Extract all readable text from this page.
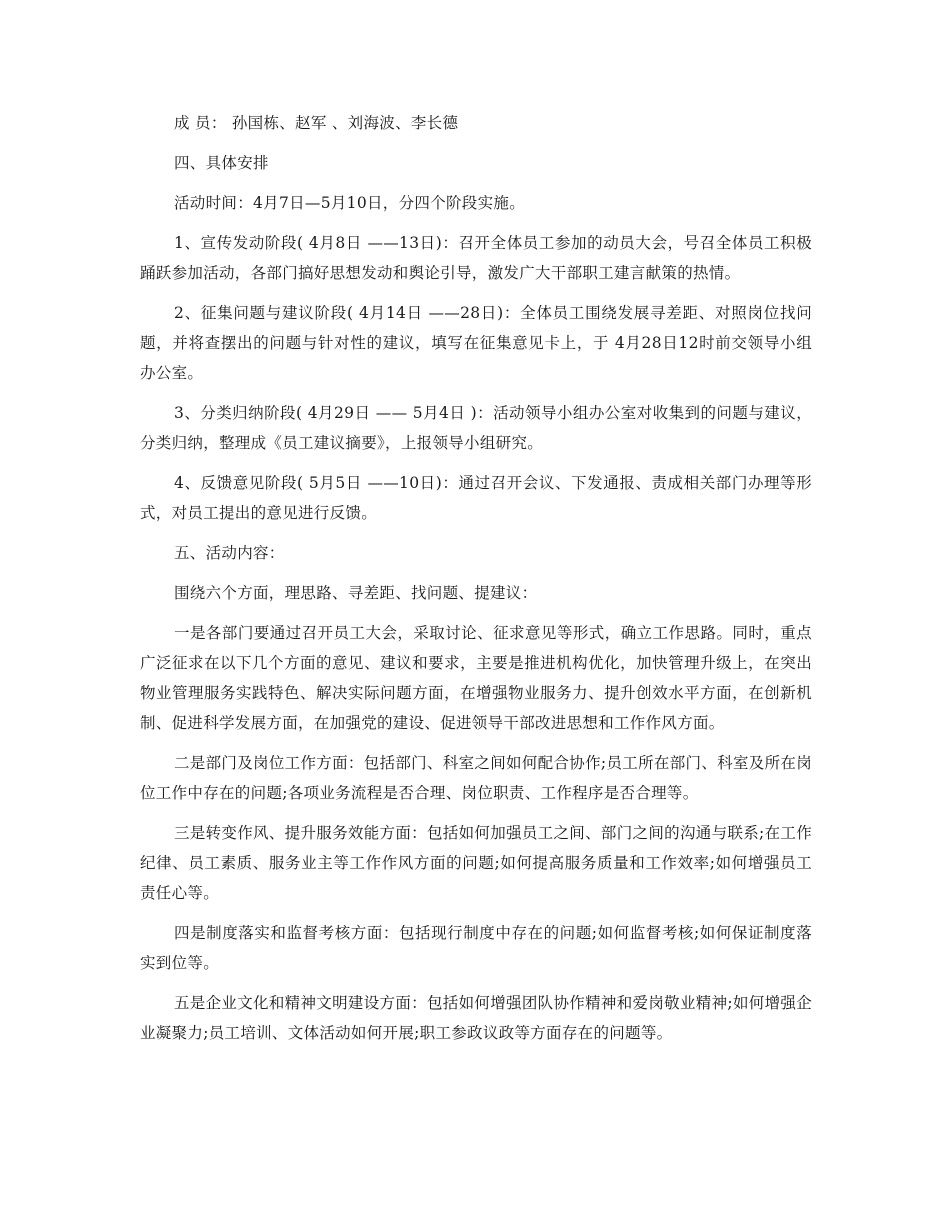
成 员： 孙国栋、赵军 、刘海波、李长德

四、具体安排

活动时间：4月7日—5月10日，分四个阶段实施。

1、宣传发动阶段( 4月8日 ——13日)：召开全体员工参加的动员大会，号召全体员工积极踊跃参加活动，各部门搞好思想发动和舆论引导，激发广大干部职工建言献策的热情。

2、征集问题与建议阶段( 4月14日 ——28日)：全体员工围绕发展寻差距、对照岗位找问题，并将查摆出的问题与针对性的建议，填写在征集意见卡上，于 4月28日12时前交领导小组办公室。

3、分类归纳阶段( 4月29日 —— 5月4日 )：活动领导小组办公室对收集到的问题与建议，分类归纳，整理成《员工建议摘要》，上报领导小组研究。

4、反馈意见阶段( 5月5日 ——10日)：通过召开会议、下发通报、责成相关部门办理等形式，对员工提出的意见进行反馈。

五、活动内容：

围绕六个方面，理思路、寻差距、找问题、提建议：

一是各部门要通过召开员工大会，采取讨论、征求意见等形式，确立工作思路。同时，重点广泛征求在以下几个方面的意见、建议和要求，主要是推进机构优化，加快管理升级上，在突出物业管理服务实践特色、解决实际问题方面，在增强物业服务力、提升创效水平方面，在创新机制、促进科学发展方面，在加强党的建设、促进领导干部改进思想和工作作风方面。

二是部门及岗位工作方面：包括部门、科室之间如何配合协作;员工所在部门、科室及所在岗位工作中存在的问题;各项业务流程是否合理、岗位职责、工作程序是否合理等。

三是转变作风、提升服务效能方面：包括如何加强员工之间、部门之间的沟通与联系;在工作纪律、员工素质、服务业主等工作作风方面的问题;如何提高服务质量和工作效率;如何增强员工责任心等。

四是制度落实和监督考核方面：包括现行制度中存在的问题;如何监督考核;如何保证制度落实到位等。

五是企业文化和精神文明建设方面：包括如何增强团队协作精神和爱岗敬业精神;如何增强企业凝聚力;员工培训、文体活动如何开展;职工参政议政等方面存在的问题等。
